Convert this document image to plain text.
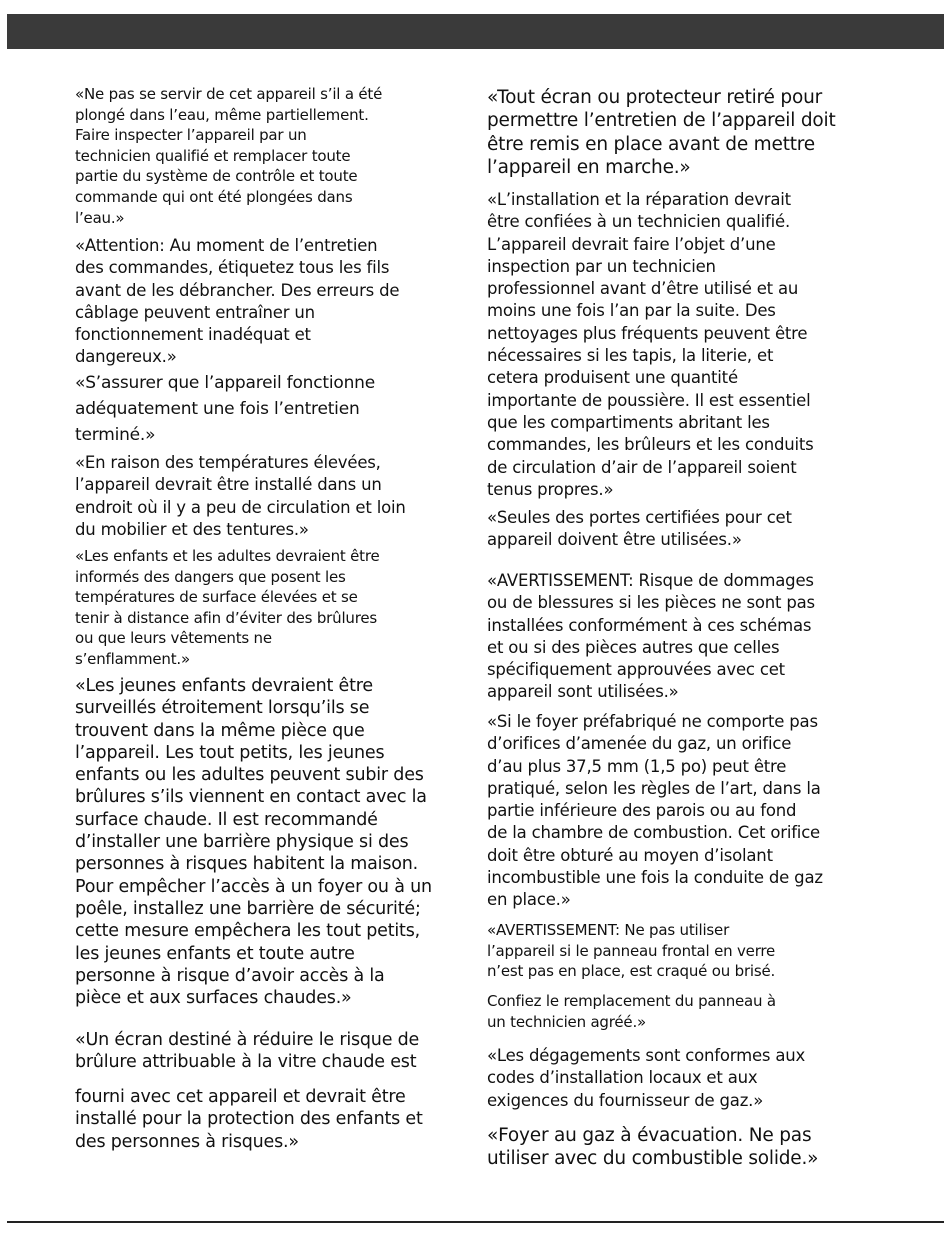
«Ne pas se servir de cet appareil s’il a été
plongé dans l’eau, même partiellement.
Faire inspecter l’appareil par un
technicien qualifié et remplacer toute
partie du système de contrôle et toute
commande qui ont été plongées dans
l’eau.»

«Attention: Au moment de l’entretien
des commandes, étiquetez tous les fils
avant de les débrancher. Des erreurs de
câblage peuvent entraîner un
fonctionnement inadéquat et
dangereux.»

«S’assurer que l’appareil fonctionne
adéquatement une fois l’entretien
terminé.»

«En raison des températures élevées,
l’appareil devrait être installé dans un
endroit où il y a peu de circulation et loin
du mobilier et des tentures.»

«Les enfants et les adultes devraient être
informés des dangers que posent les
températures de surface élevées et se
tenir à distance afin d’éviter des brûlures
ou que leurs vêtements ne
s’enflamment.»

«Les jeunes enfants devraient être
surveillés étroitement lorsqu’ils se
trouvent dans la même pièce que
l’appareil. Les tout petits, les jeunes
enfants ou les adultes peuvent subir des
brûlures s’ils viennent en contact avec la
surface chaude. Il est recommandé
d’installer une barrière physique si des
personnes à risques habitent la maison.
Pour empêcher l’accès à un foyer ou à un
poêle, installez une barrière de sécurité;
cette mesure empêchera les tout petits,
les jeunes enfants et toute autre
personne à risque d’avoir accès à la
pièce et aux surfaces chaudes.»

«Un écran destiné à réduire le risque de
brûlure attribuable à la vitre chaude est

fourni avec cet appareil et devrait être
installé pour la protection des enfants et
des personnes à risques.»

«Tout écran ou protecteur retiré pour
permettre l’entretien de l’appareil doit
être remis en place avant de mettre
l’appareil en marche.»

«L’installation et la réparation devrait
être confiées à un technicien qualifié.
L’appareil devrait faire l’objet d’une
inspection par un technicien
professionnel avant d’être utilisé et au
moins une fois l’an par la suite. Des
nettoyages plus fréquents peuvent être
nécessaires si les tapis, la literie, et
cetera produisent une quantité
importante de poussière. Il est essentiel
que les compartiments abritant les
commandes, les brûleurs et les conduits
de circulation d’air de l’appareil soient
tenus propres.»

«Seules des portes certifiées pour cet
appareil doivent être utilisées.»

«AVERTISSEMENT: Risque de dommages
ou de blessures si les pièces ne sont pas
installées conformément à ces schémas
et ou si des pièces autres que celles
spécifiquement approuvées avec cet
appareil sont utilisées.»

«Si le foyer préfabriqué ne comporte pas
d’orifices d’amenée du gaz, un orifice
d’au plus 37,5 mm (1,5 po) peut être
pratiqué, selon les règles de l’art, dans la
partie inférieure des parois ou au fond
de la chambre de combustion. Cet orifice
doit être obturé au moyen d’isolant
incombustible une fois la conduite de gaz
en place.»

«AVERTISSEMENT: Ne pas utiliser
l’appareil si le panneau frontal en verre
n’est pas en place, est craqué ou brisé.

Confiez le remplacement du panneau à
un technicien agréé.»

«Les dégagements sont conformes aux
codes d’installation locaux et aux
exigences du fournisseur de gaz.»

«Foyer au gaz à évacuation. Ne pas
utiliser avec du combustible solide.»
